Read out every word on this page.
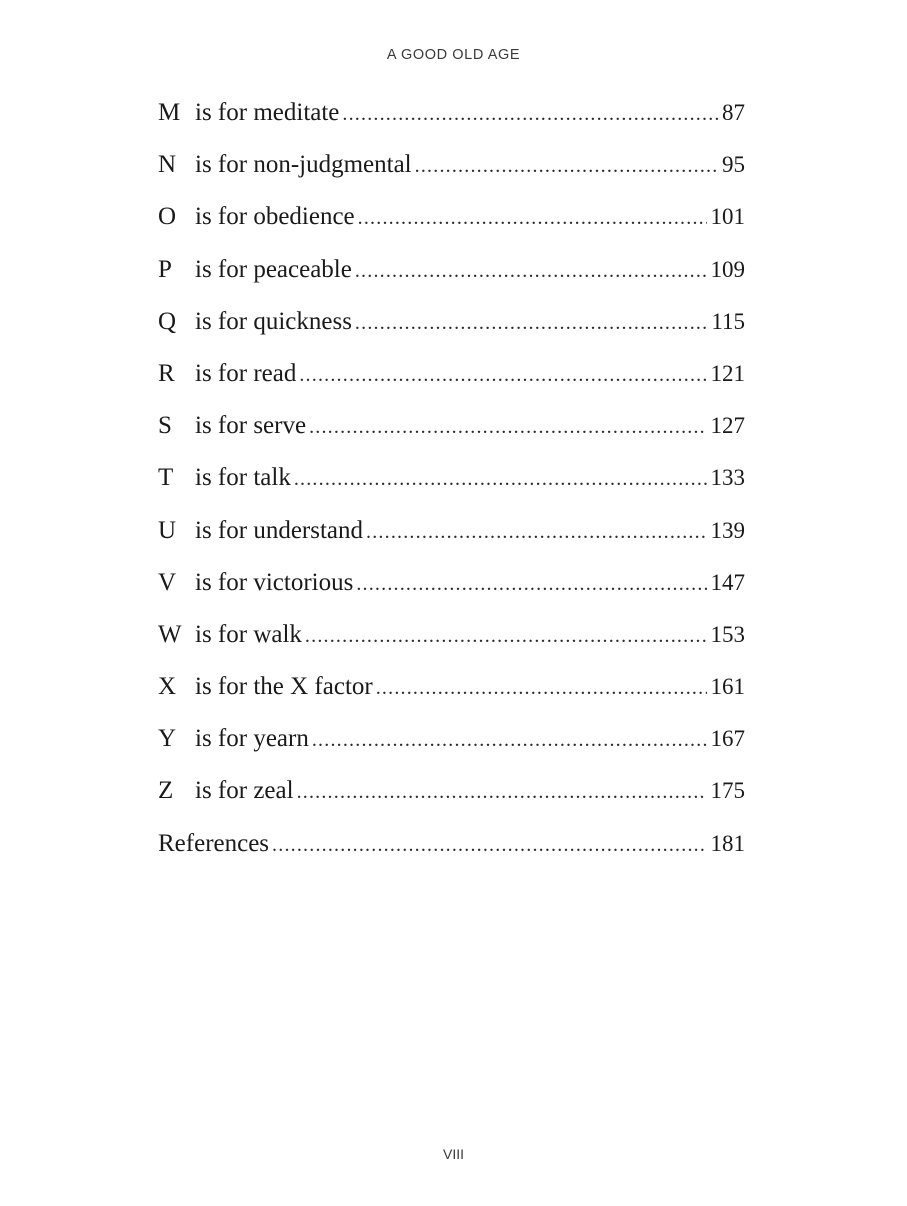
A GOOD OLD AGE
M is for meditate .....	87
N is for non-judgmental .....	95
O is for obedience .....	101
P is for peaceable .....	109
Q is for quickness .....	115
R is for read .....	121
S is for serve .....	127
T is for talk .....	133
U is for understand .....	139
V is for victorious .....	147
W is for walk .....	153
X is for the X factor .....	161
Y is for yearn .....	167
Z is for zeal .....	175
References .....	181
VIII
